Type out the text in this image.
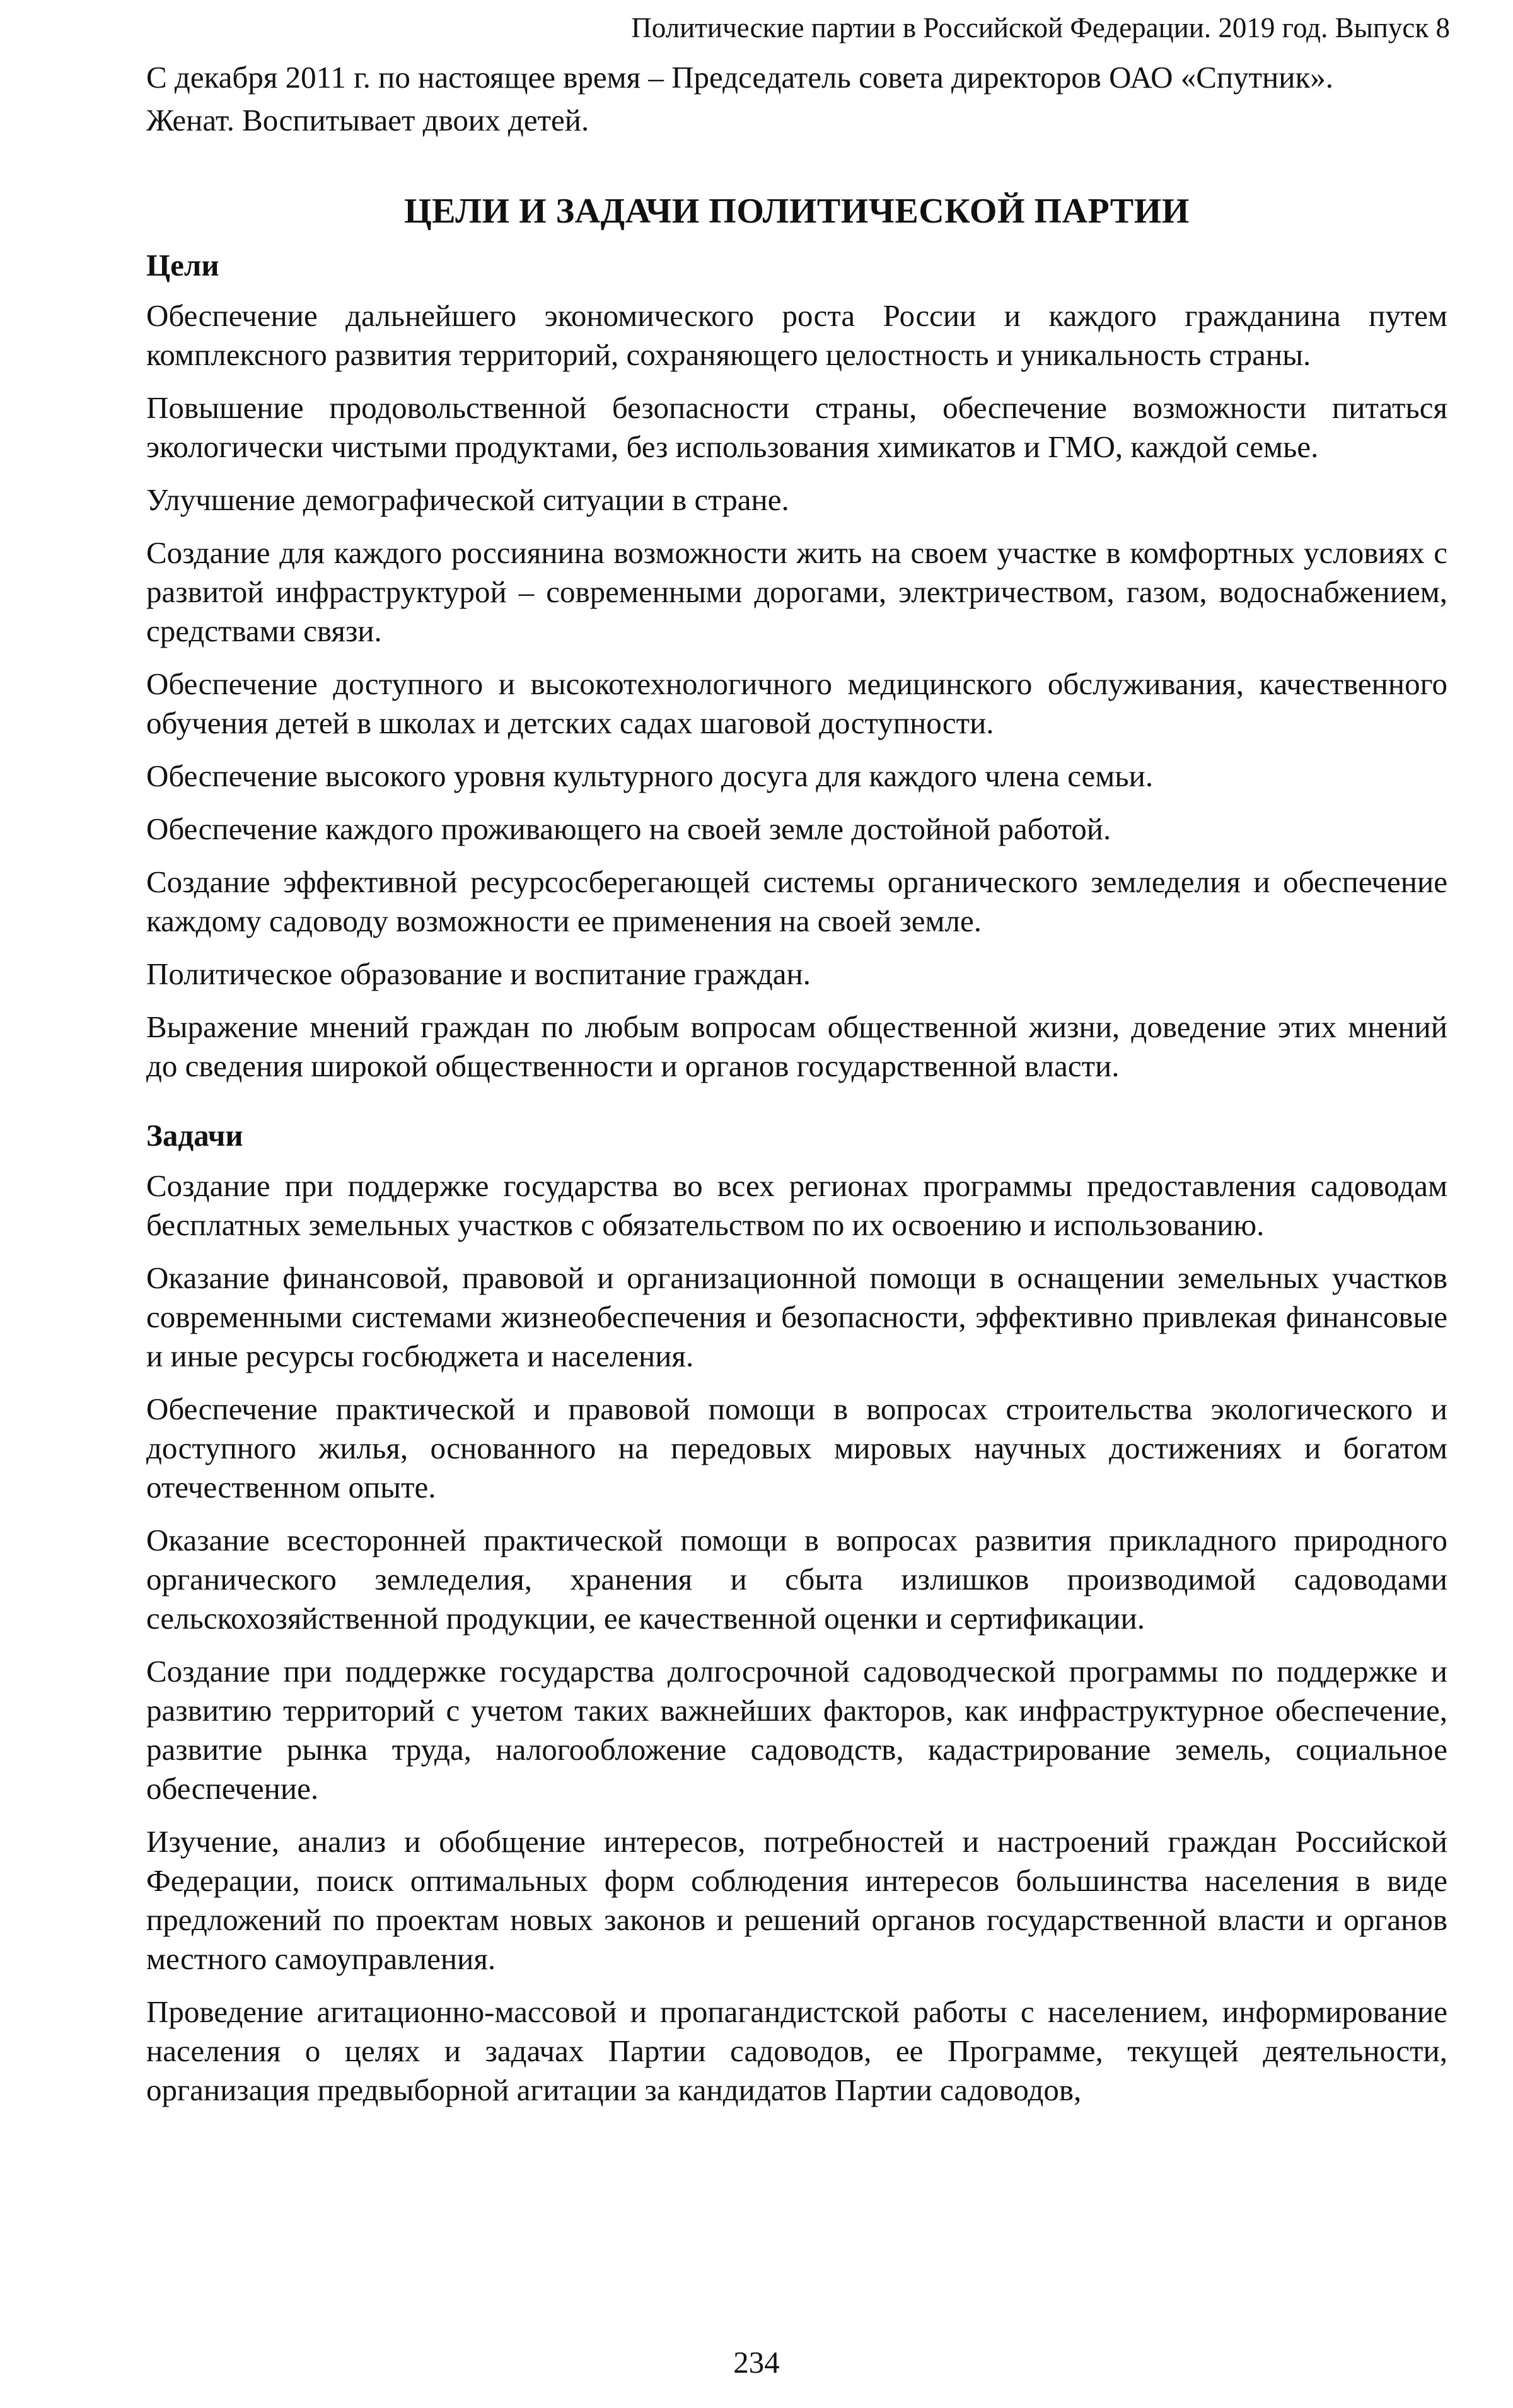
Политические партии в Российской Федерации. 2019 год. Выпуск 8

С декабря 2011 г. по настоящее время – Председатель совета директоров ОАО «Спутник».

Женат. Воспитывает двоих детей.

ЦЕЛИ И ЗАДАЧИ ПОЛИТИЧЕСКОЙ ПАРТИИ
Цели

Обеспечение дальнейшего экономического роста России и каждого гражданина путем комплексного развития территорий, сохраняющего целостность и уникальность страны.

Повышение продовольственной безопасности страны, обеспечение возможности питаться экологически чистыми продуктами, без использования химикатов и ГМО, каждой семье.

Улучшение демографической ситуации в стране.

Создание для каждого россиянина возможности жить на своем участке в комфортных условиях с развитой инфраструктурой – современными дорогами, электричеством, газом, водоснабжением, средствами связи.

Обеспечение доступного и высокотехнологичного медицинского обслуживания, качественного обучения детей в школах и детских садах шаговой доступности.

Обеспечение высокого уровня культурного досуга для каждого члена семьи.

Обеспечение каждого проживающего на своей земле достойной работой.

Создание эффективной ресурсосберегающей системы органического земледелия и обеспечение каждому садоводу возможности ее применения на своей земле.

Политическое образование и воспитание граждан.

Выражение мнений граждан по любым вопросам общественной жизни, доведение этих мнений до сведения широкой общественности и органов государственной власти.

Задачи

Создание при поддержке государства во всех регионах программы предоставления садоводам бесплатных земельных участков с обязательством по их освоению и использованию.

Оказание финансовой, правовой и организационной помощи в оснащении земельных участков современными системами жизнеобеспечения и безопасности, эффективно привлекая финансовые и иные ресурсы госбюджета и населения.

Обеспечение практической и правовой помощи в вопросах строительства экологического и доступного жилья, основанного на передовых мировых научных достижениях и богатом отечественном опыте.

Оказание всесторонней практической помощи в вопросах развития прикладного природного органического земледелия, хранения и сбыта излишков производимой садоводами сельскохозяйственной продукции, ее качественной оценки и сертификации.

Создание при поддержке государства долгосрочной садоводческой программы по поддержке и развитию территорий с учетом таких важнейших факторов, как инфраструктурное обеспечение, развитие рынка труда, налогообложение садоводств, кадастрирование земель, социальное обеспечение.

Изучение, анализ и обобщение интересов, потребностей и настроений граждан Российской Федерации, поиск оптимальных форм соблюдения интересов большинства населения в виде предложений по проектам новых законов и решений органов государственной власти и органов местного самоуправления.

Проведение агитационно-массовой и пропагандистской работы с населением, информирование населения о целях и задачах Партии садоводов, ее Программе, текущей деятельности, организация предвыборной агитации за кандидатов Партии садоводов,

234
